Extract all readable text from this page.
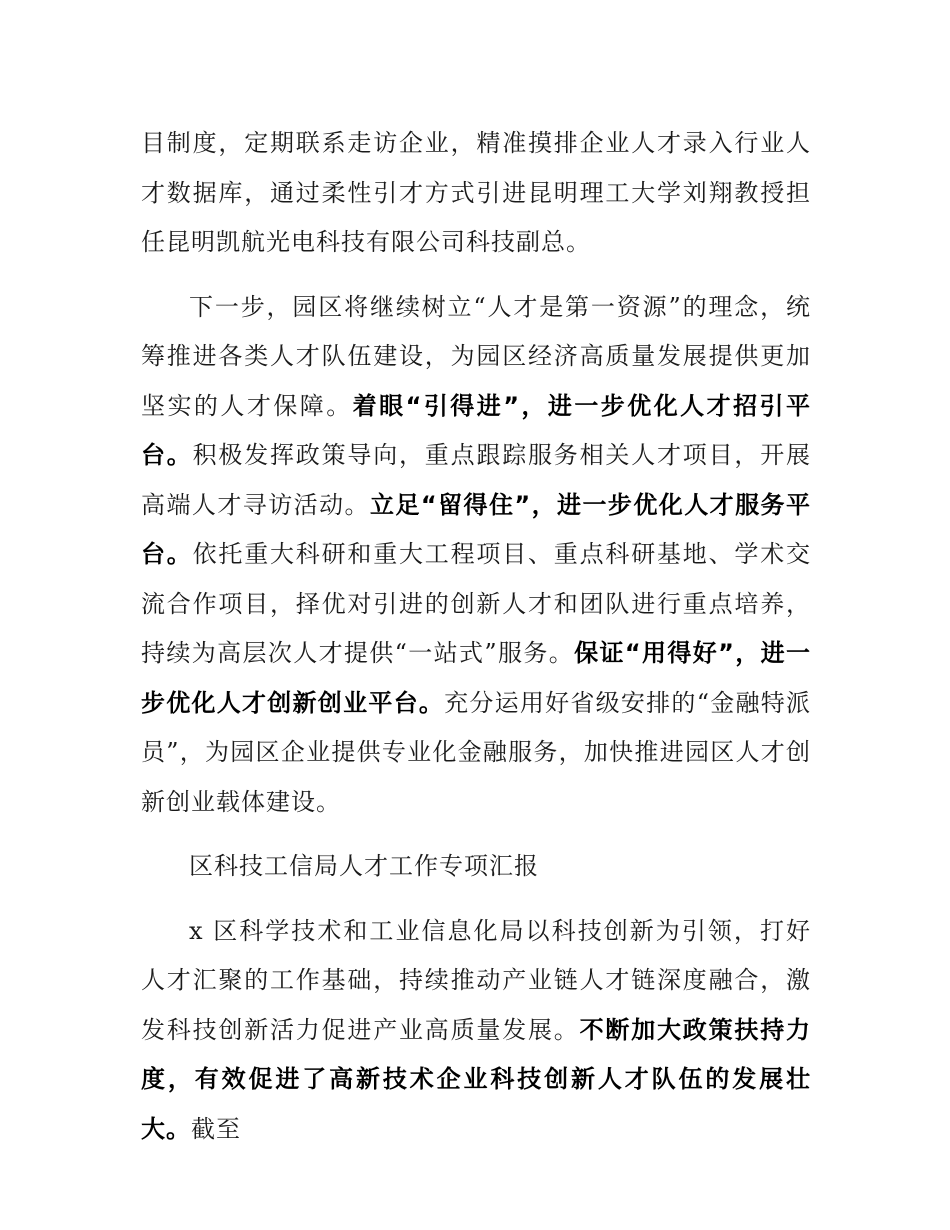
目制度，定期联系走访企业，精准摸排企业人才录入行业人才数据库，通过柔性引才方式引进昆明理工大学刘翔教授担任昆明凯航光电科技有限公司科技副总。

下一步，园区将继续树立“人才是第一资源”的理念，统筹推进各类人才队伍建设，为园区经济高质量发展提供更加坚实的人才保障。着眼“引得进”，进一步优化人才招引平台。积极发挥政策导向，重点跟踪服务相关人才项目，开展高端人才寻访活动。立足“留得住”，进一步优化人才服务平台。依托重大科研和重大工程项目、重点科研基地、学术交流合作项目，择优对引进的创新人才和团队进行重点培养，持续为高层次人才提供“一站式”服务。保证“用得好”，进一步优化人才创新创业平台。充分运用好省级安排的“金融特派员”，为园区企业提供专业化金融服务，加快推进园区人才创新创业载体建设。

区科技工信局人才工作专项汇报

x 区科学技术和工业信息化局以科技创新为引领，打好人才汇聚的工作基础，持续推动产业链人才链深度融合，激发科技创新活力促进产业高质量发展。不断加大政策扶持力度，有效促进了高新技术企业科技创新人才队伍的发展壮大。截至
